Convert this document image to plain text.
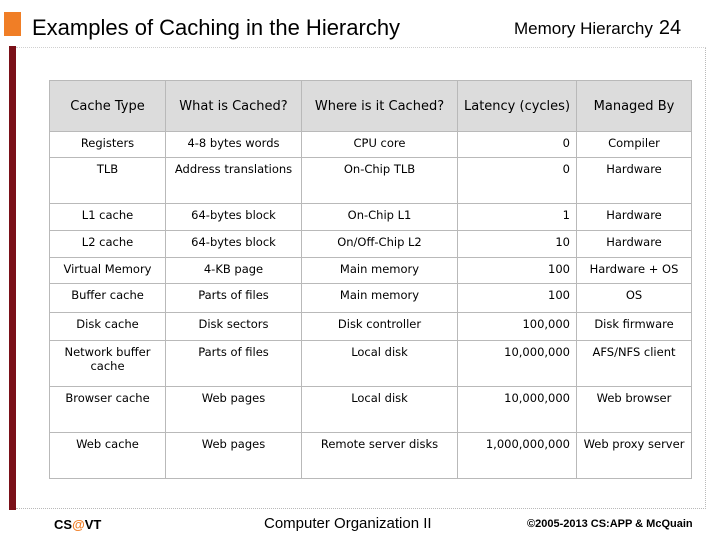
Examples of Caching in the Hierarchy	Memory Hierarchy 24
Cache Type	What is Cached?	Where is it Cached?	Latency (cycles)	Managed By
Registers	4-8 bytes words	CPU core	0	Compiler
TLB	Address translations	On-Chip TLB	0	Hardware
L1 cache	64-bytes block	On-Chip L1	1	Hardware
L2 cache	64-bytes block	On/Off-Chip L2	10	Hardware
Virtual Memory	4-KB page	Main memory	100	Hardware + OS
Buffer cache	Parts of files	Main memory	100	OS
Disk cache	Disk sectors	Disk controller	100,000	Disk firmware
Network buffer cache	Parts of files	Local disk	10,000,000	AFS/NFS client
Browser cache	Web pages	Local disk	10,000,000	Web browser
Web cache	Web pages	Remote server disks	1,000,000,000	Web proxy server
CS@VT	Computer Organization II	©2005-2013 CS:APP & McQuain
